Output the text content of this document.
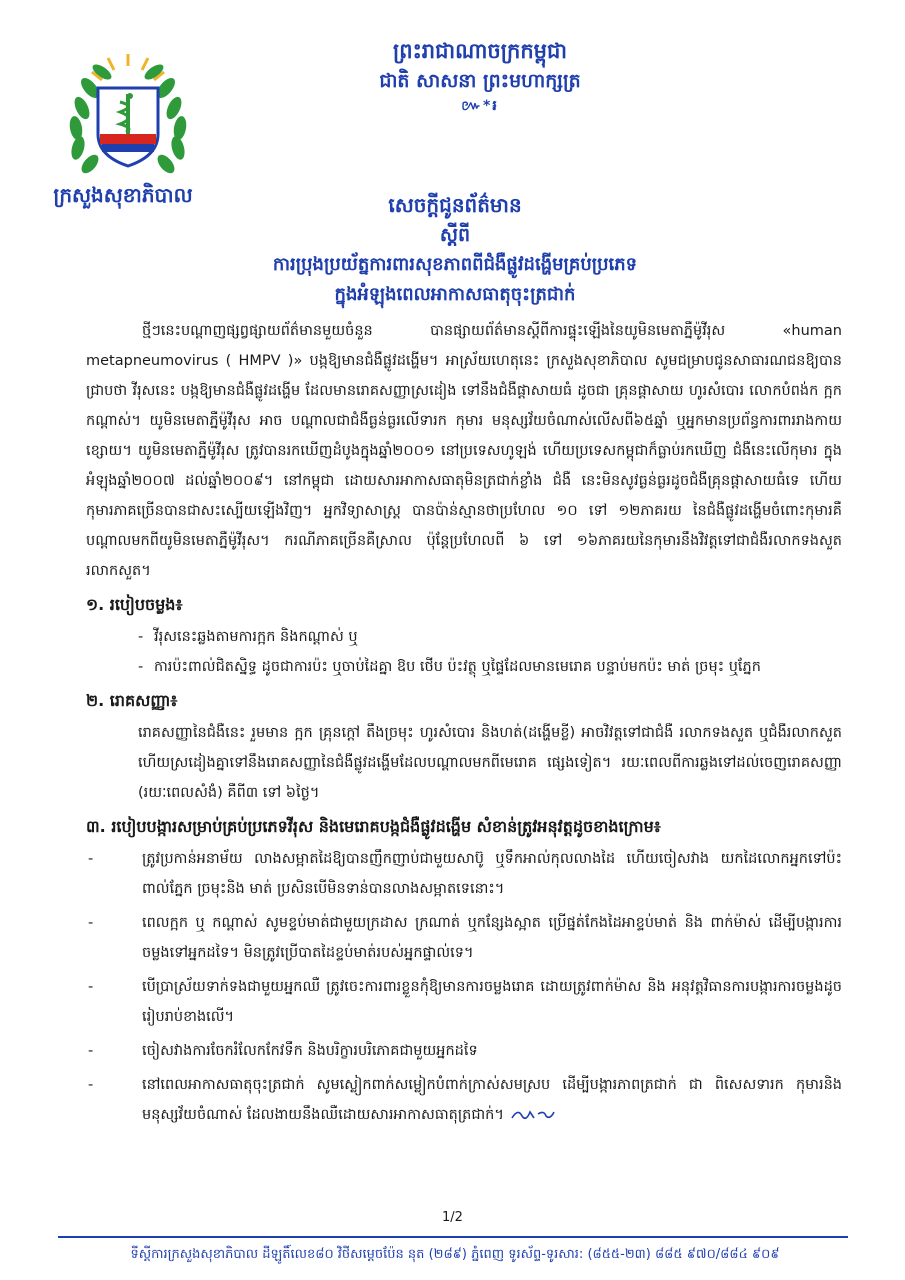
ក្រសួងសុខាភិបាល
ព្រះរាជាណាចក្រកម្ពុជា
ជាតិ សាសនា ព្រះមហាក្សត្រ
៚*៛
សេចក្តីជូនព័ត៌មាន
ស្តីពី
ការប្រុងប្រយ័ត្នការពារសុខភាពពីជំងឺផ្លូវដង្ហើមគ្រប់ប្រភេទ
ក្នុងអំឡុងពេលអាកាសធាតុចុះត្រជាក់

ថ្មីៗនេះបណ្តាញផ្សព្វផ្សាយព័ត៌មានមួយចំនួន បានផ្សាយព័ត៌មានស្តីពីការផ្ទុះឡើងនៃយូមិនមេតាភ្នឺម៉ូវីរុស «human metapneumovirus ( HMPV )» បង្កឱ្យមានជំងឺផ្លូវដង្ហើម។ អាស្រ័យហេតុនេះ ក្រសួងសុខាភិបាល សូមជម្រាបជូនសាធារណជនឱ្យបានជ្រាបថា វីរុសនេះ បង្កឱ្យមានជំងឺផ្លូវដង្ហើម ដែលមានរោគសញ្ញាស្រដៀង ទៅនឹងជំងឺផ្តាសាយធំ ដូចជា គ្រុនផ្តាសាយ ហូរសំបោរ លោកបំពង់ក ក្អក កណ្តាស់។ យូមិនមេតាភ្នឺម៉ូវីរុស អាច បណ្តាលជាជំងឺធ្ងន់ធ្ងរលើទារក កុមារ មនុស្សវ័យចំណាស់លើសពី៦៥ឆ្នាំ ឬអ្នកមានប្រព័ន្ធការពាររាងកាយខ្សោយ។ យូមិនមេតាភ្នឺម៉ូវីរុស ត្រូវបានរកឃើញដំបូងក្នុងឆ្នាំ២០០១ នៅប្រទេសហូឡង់ ហើយប្រទេសកម្ពុជាក៏ធ្លាប់រកឃើញ ជំងឺនេះលើកុមារ ក្នុងអំឡុងឆ្នាំ២០០៧ ដល់ឆ្នាំ២០០៩។ នៅកម្ពុជា ដោយសារអាកាសធាតុមិនត្រជាក់ខ្លាំង ជំងឺ នេះមិនសូវធ្ងន់ធ្ងរដូចជំងឺគ្រុនផ្តាសាយធំទេ ហើយកុមារភាគច្រើនបានជាសះស្បើយឡើងវិញ។ អ្នកវិទ្យាសាស្ត្រ បានប៉ាន់ស្មានថាប្រហែល ១០ ទៅ ១២ភាគរយ នៃជំងឺផ្លូវដង្ហើមចំពោះកុមារគឺបណ្តាលមកពីយូមិនមេតាភ្នឺម៉ូវីរុស។ ករណីភាគច្រើនគឺស្រាល ប៉ុន្តែប្រហែលពី ៦ ទៅ ១៦ភាគរយនៃកុមារនឹងវិវត្តទៅជាជំងឺរលាកទងសួត រលាកសួត។

១. របៀបចម្លង៖
- វីរុសនេះឆ្លងតាមការក្អក និងកណ្តាស់ ឬ
- ការប៉ះពាល់ជិតស្និទ្ធ ដូចជាការប៉ះ ឬចាប់ដៃគ្នា ឱប ថើប ប៉ះវត្ថុ ឬផ្ទៃដែលមានមេរោគ បន្ទាប់មកប៉ះ មាត់ ច្រមុះ ឬភ្នែក
២. រោគសញ្ញា៖

រោគសញ្ញានៃជំងឺនេះ រួមមាន ក្អក គ្រុនក្តៅ តឹងច្រមុះ ហូរសំបោរ និងហត់(ដង្ហើមខ្លី) អាចវិវត្តទៅជាជំងឺ រលាកទងសួត ឬជំងឺរលាកសួត ហើយស្រដៀងគ្នាទៅនឹងរោគសញ្ញានៃជំងឺផ្លូវដង្ហើមដែលបណ្តាលមកពីមេរោគ ផ្សេងទៀត។ រយៈពេលពីការឆ្លងទៅដល់ចេញរោគសញ្ញា (រយៈពេលសំងំ) គឺពី៣ ទៅ ៦ថ្ងៃ។

៣. របៀបបង្ការសម្រាប់គ្រប់ប្រភេទវីរុស និងមេរោគបង្កជំងឺផ្លូវដង្ហើម សំខាន់ត្រូវអនុវត្តដូចខាងក្រោម៖
- ត្រូវប្រកាន់អនាម័យ លាងសម្អាតដៃឱ្យបានញឹកញាប់ជាមួយសាប៊ូ ឬទឹកអាល់កុលលាងដៃ ហើយចៀសវាង យកដៃលោកអ្នកទៅប៉ះពាល់ភ្នែក ច្រមុះនិង មាត់ ប្រសិនបើមិនទាន់បានលាងសម្អាតទេនោះ។
- ពេលក្អក ឬ កណ្តាស់ សូមខ្ទប់មាត់ជាមួយក្រដាស ក្រណាត់ ឬកន្សែងស្អាត ប្រើផ្នត់កែងដៃអាខ្ទប់មាត់ និង ពាក់ម៉ាស់ ដើម្បីបង្ការការចម្លងទៅអ្នកដទៃ។ មិនត្រូវប្រើបាតដៃខ្ទប់មាត់របស់អ្នកផ្ទាល់ទេ។
- បើប្រាស្រ័យទាក់ទងជាមួយអ្នកឈឺ ត្រូវចេះការពារខ្លួនកុំឱ្យមានការចម្លងរោគ ដោយត្រូវពាក់ម៉ាស និង អនុវត្តវិធានការបង្ការការចម្លងដូចរៀបរាប់ខាងលើ។
- ចៀសវាងការចែករំលែកកែវទឹក និងបរិក្ខារបរិភោគជាមួយអ្នកដទៃ
- នៅពេលអាកាសធាតុចុះត្រជាក់ សូមស្លៀកពាក់សម្លៀកបំពាក់ក្រាស់សមស្រប ដើម្បីបង្ការភាពត្រជាក់ ជា ពិសេសទារក កុមារនិង មនុស្សវ័យចំណាស់ ដែលងាយនឹងឈឺដោយសារអាកាសធាតុត្រជាក់។
1/2
ទីស្តីការក្រសួងសុខាភិបាល ដីឡូតិ៍លេខ៨០ វិថីសម្តេចប៉ែន នុត (២៨៩) ភ្នំពេញ ទូរស័ព្ទ-ទូរសារ: (៨៥៥-២៣) ៨៨៥ ៩៧០/៨៨៤ ៩០៩
